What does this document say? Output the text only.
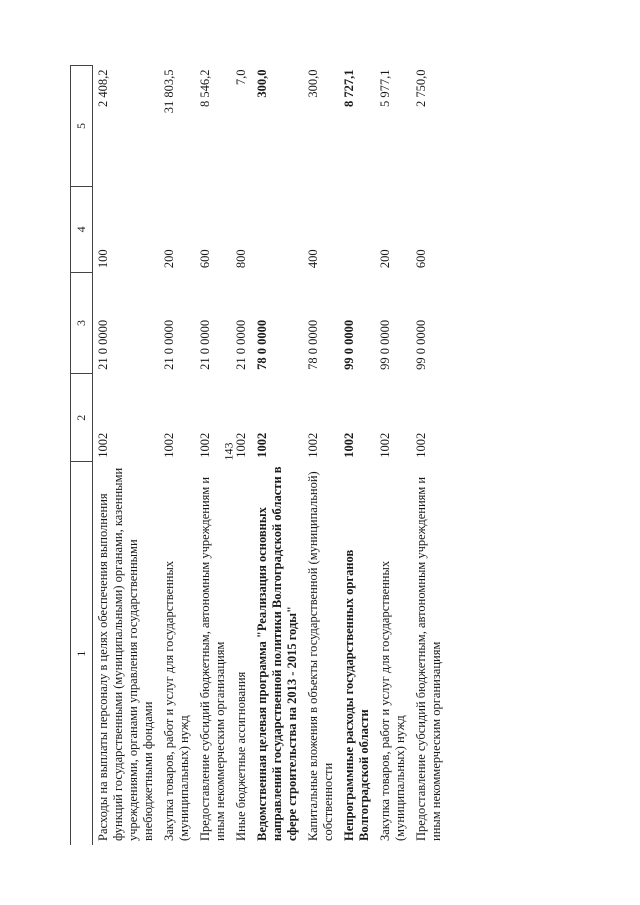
143
1	2	3	4	5
Расходы на выплаты персоналу в целях обеспечения выполнения функций государственными (муниципальными) органами, казенными учреждениями, органами управления государственными внебюджетными фондами	1002	21 0 0000	100	2 408,2
Закупка товаров, работ и услуг для государственных (муниципальных) нужд	1002	21 0 0000	200	31 803,5
Предоставление субсидий бюджетным, автономным учреждениям и иным некоммерческим организациям	1002	21 0 0000	600	8 546,2
Иные бюджетные ассигнования	1002	21 0 0000	800	7,0
Ведомственная целевая программа "Реализация основных направлений государственной политики Волгоградской области в сфере строительства на 2013 - 2015 годы"	1002	78 0 0000		300,0
Капитальные вложения в объекты государственной (муниципальной) собственности	1002	78 0 0000	400	300,0
Непрограммные расходы государственных органов Волгоградской области	1002	99 0 0000		8 727,1
Закупка товаров, работ и услуг для государственных (муниципальных) нужд	1002	99 0 0000	200	5 977,1
Предоставление субсидий бюджетным, автономным учреждениям и иным некоммерческим организациям	1002	99 0 0000	600	2 750,0
